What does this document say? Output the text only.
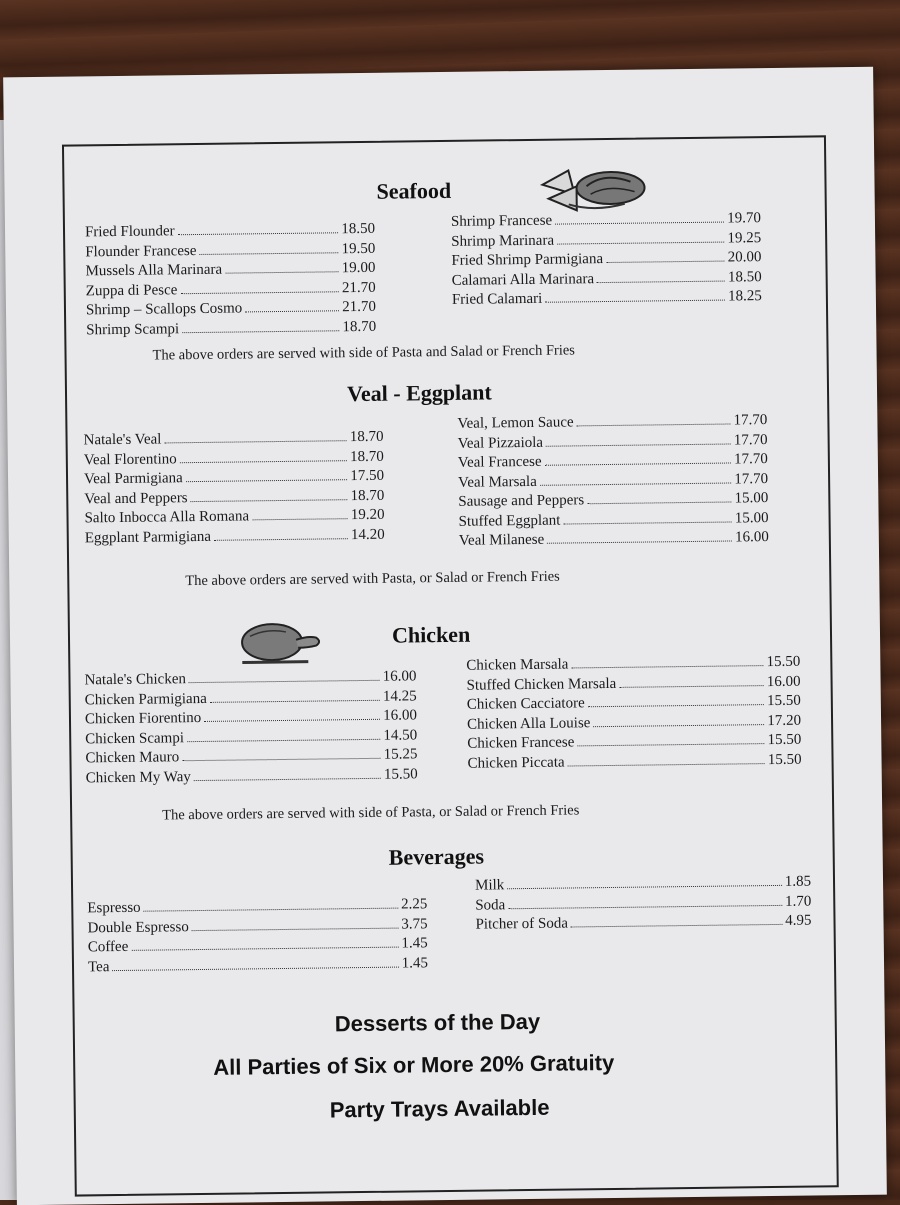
Seafood
Fried Flounder	18.50
Flounder Francese	19.50
Mussels Alla Marinara	19.00
Zuppa di Pesce	21.70
Shrimp – Scallops Cosmo	21.70
Shrimp Scampi	18.70
Shrimp Francese	19.70
Shrimp Marinara	19.25
Fried Shrimp Parmigiana	20.00
Calamari Alla Marinara	18.50
Fried Calamari	18.25
The above orders are served with side of Pasta and Salad or French Fries
Veal - Eggplant
Natale's Veal	18.70
Veal Florentino	18.70
Veal Parmigiana	17.50
Veal and Peppers	18.70
Salto Inbocca Alla Romana	19.20
Eggplant Parmigiana	14.20
Veal, Lemon Sauce	17.70
Veal Pizzaiola	17.70
Veal Francese	17.70
Veal Marsala	17.70
Sausage and Peppers	15.00
Stuffed Eggplant	15.00
Veal Milanese	16.00
The above orders are served with Pasta, or Salad or French Fries
Chicken
Natale's Chicken	16.00
Chicken Parmigiana	14.25
Chicken Fiorentino	16.00
Chicken Scampi	14.50
Chicken Mauro	15.25
Chicken My Way	15.50
Chicken Marsala	15.50
Stuffed Chicken Marsala	16.00
Chicken Cacciatore	15.50
Chicken Alla Louise	17.20
Chicken Francese	15.50
Chicken Piccata	15.50
The above orders are served with side of Pasta, or Salad or French Fries
Beverages
Espresso	2.25
Double Espresso	3.75
Coffee	1.45
Tea	1.45
Milk	1.85
Soda	1.70
Pitcher of Soda	4.95
Desserts of the Day
All Parties of Six or More 20% Gratuity
Party Trays Available
